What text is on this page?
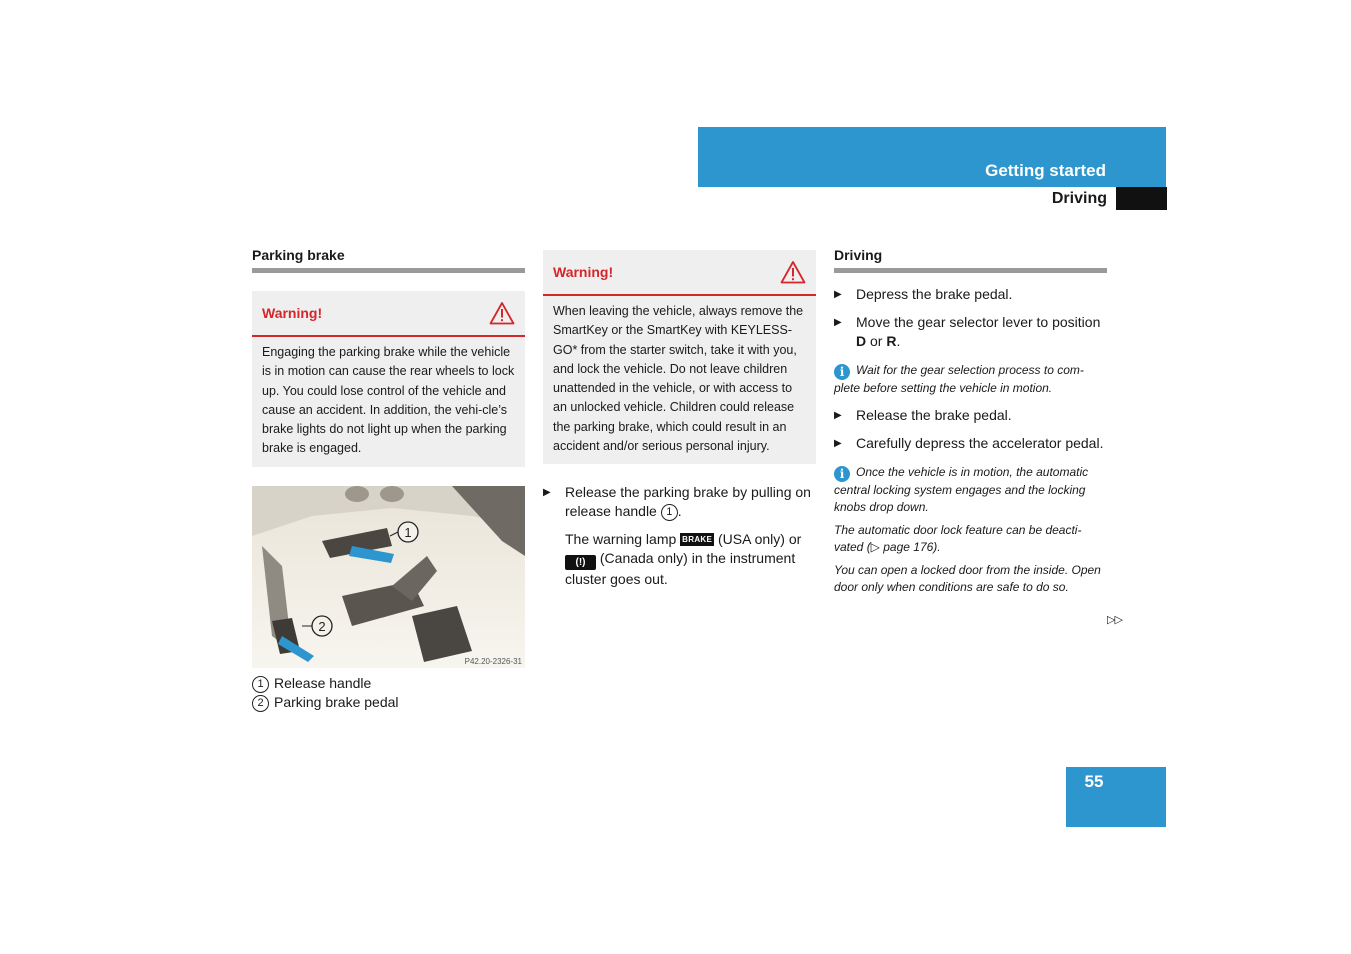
Getting started
Driving
Parking brake
Warning!
Engaging the parking brake while the vehicle is in motion can cause the rear wheels to lock up. You could lose control of the vehicle and cause an accident. In addition, the vehi-cle’s brake lights do not light up when the parking brake is engaged.
1
2
P42.20-2326-31
1 Release handle
2 Parking brake pedal
Warning!
When leaving the vehicle, always remove the SmartKey or the SmartKey with KEYLESS-GO* from the starter switch, take it with you, and lock the vehicle. Do not leave children unattended in the vehicle, or with access to an unlocked vehicle. Children could release the parking brake, which could result in an accident and/or serious personal injury.
▶	Release the parking brake by pulling on release handle 1 .
The warning lamp BRAKE (USA only) or (!) (Canada only) in the instrument cluster goes out.
Driving
▶	Depress the brake pedal.
▶	Move the gear selector lever to position D or R.
i Wait for the gear selection process to com-plete before setting the vehicle in motion.
▶	Release the brake pedal.
▶	Carefully depress the accelerator pedal.
i Once the vehicle is in motion, the automatic central locking system engages and the locking knobs drop down.
The automatic door lock feature can be deacti-vated (▷ page 176).
You can open a locked door from the inside. Open door only when conditions are safe to do so.
▷▷
55
